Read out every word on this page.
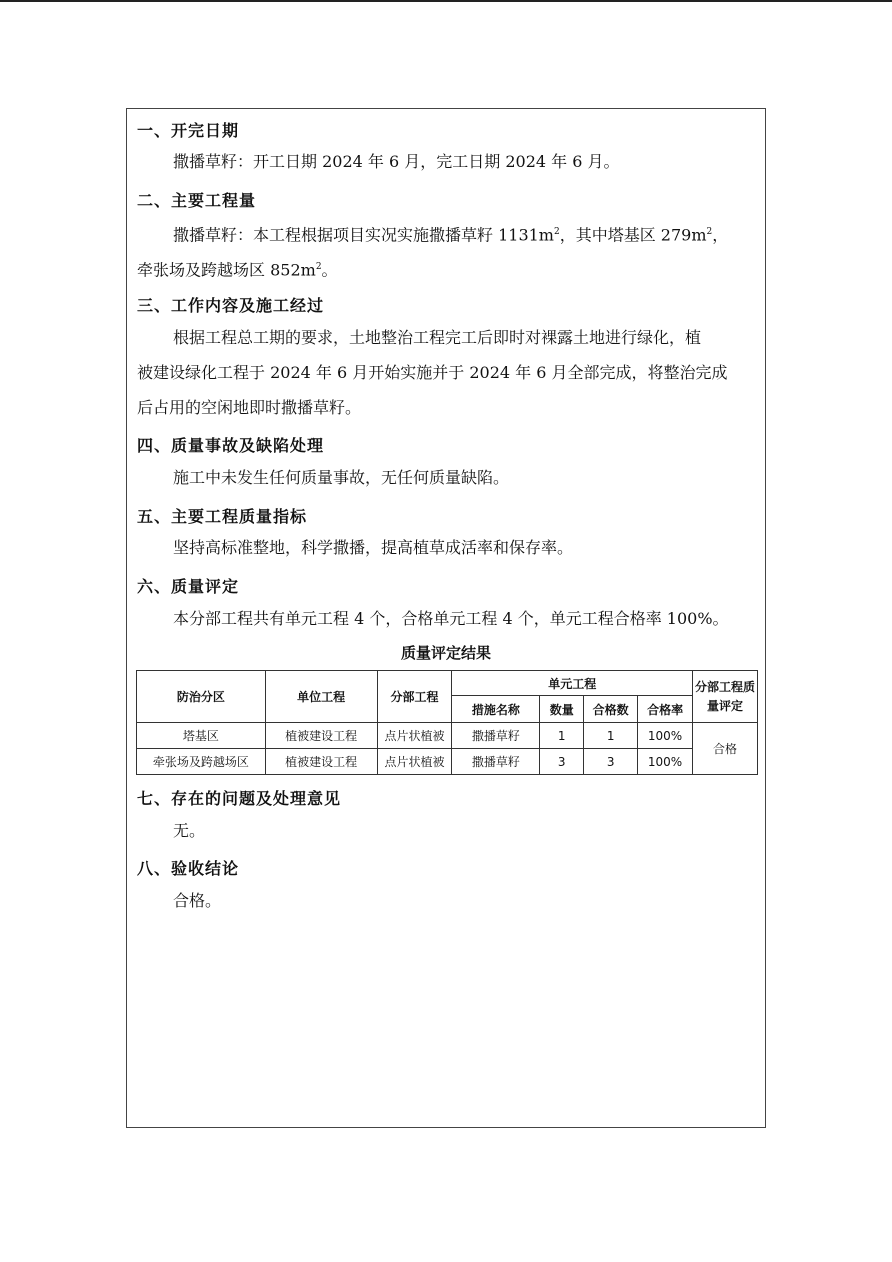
一、开完日期
撒播草籽：开工日期 2024 年 6 月，完工日期 2024 年 6 月。
二、主要工程量
撒播草籽：本工程根据项目实况实施撒播草籽 $1131m^2$，其中塔基区 $279m^2$，
牵张场及跨越场区 $852m^2$。
三、工作内容及施工经过
根据工程总工期的要求，土地整治工程完工后即时对裸露土地进行绿化，植
被建设绿化工程于 2024 年 6 月开始实施并于 2024 年 6 月全部完成，将整治完成
后占用的空闲地即时撒播草籽。
四、质量事故及缺陷处理
施工中未发生任何质量事故，无任何质量缺陷。
五、主要工程质量指标
坚持高标准整地，科学撒播，提高植草成活率和保存率。
六、质量评定
本分部工程共有单元工程 4 个，合格单元工程 4 个，单元工程合格率 100%。
质量评定结果
防治分区	单位工程	分部工程	单元工程				分部工程质量评定
			措施名称	数量	合格数	合格率	
塔基区	植被建设工程	点片状植被	撒播草籽	1	1	100%	合格
牵张场及跨越场区	植被建设工程	点片状植被	撒播草籽	3	3	100%	
七、存在的问题及处理意见
无。
八、验收结论
合格。
